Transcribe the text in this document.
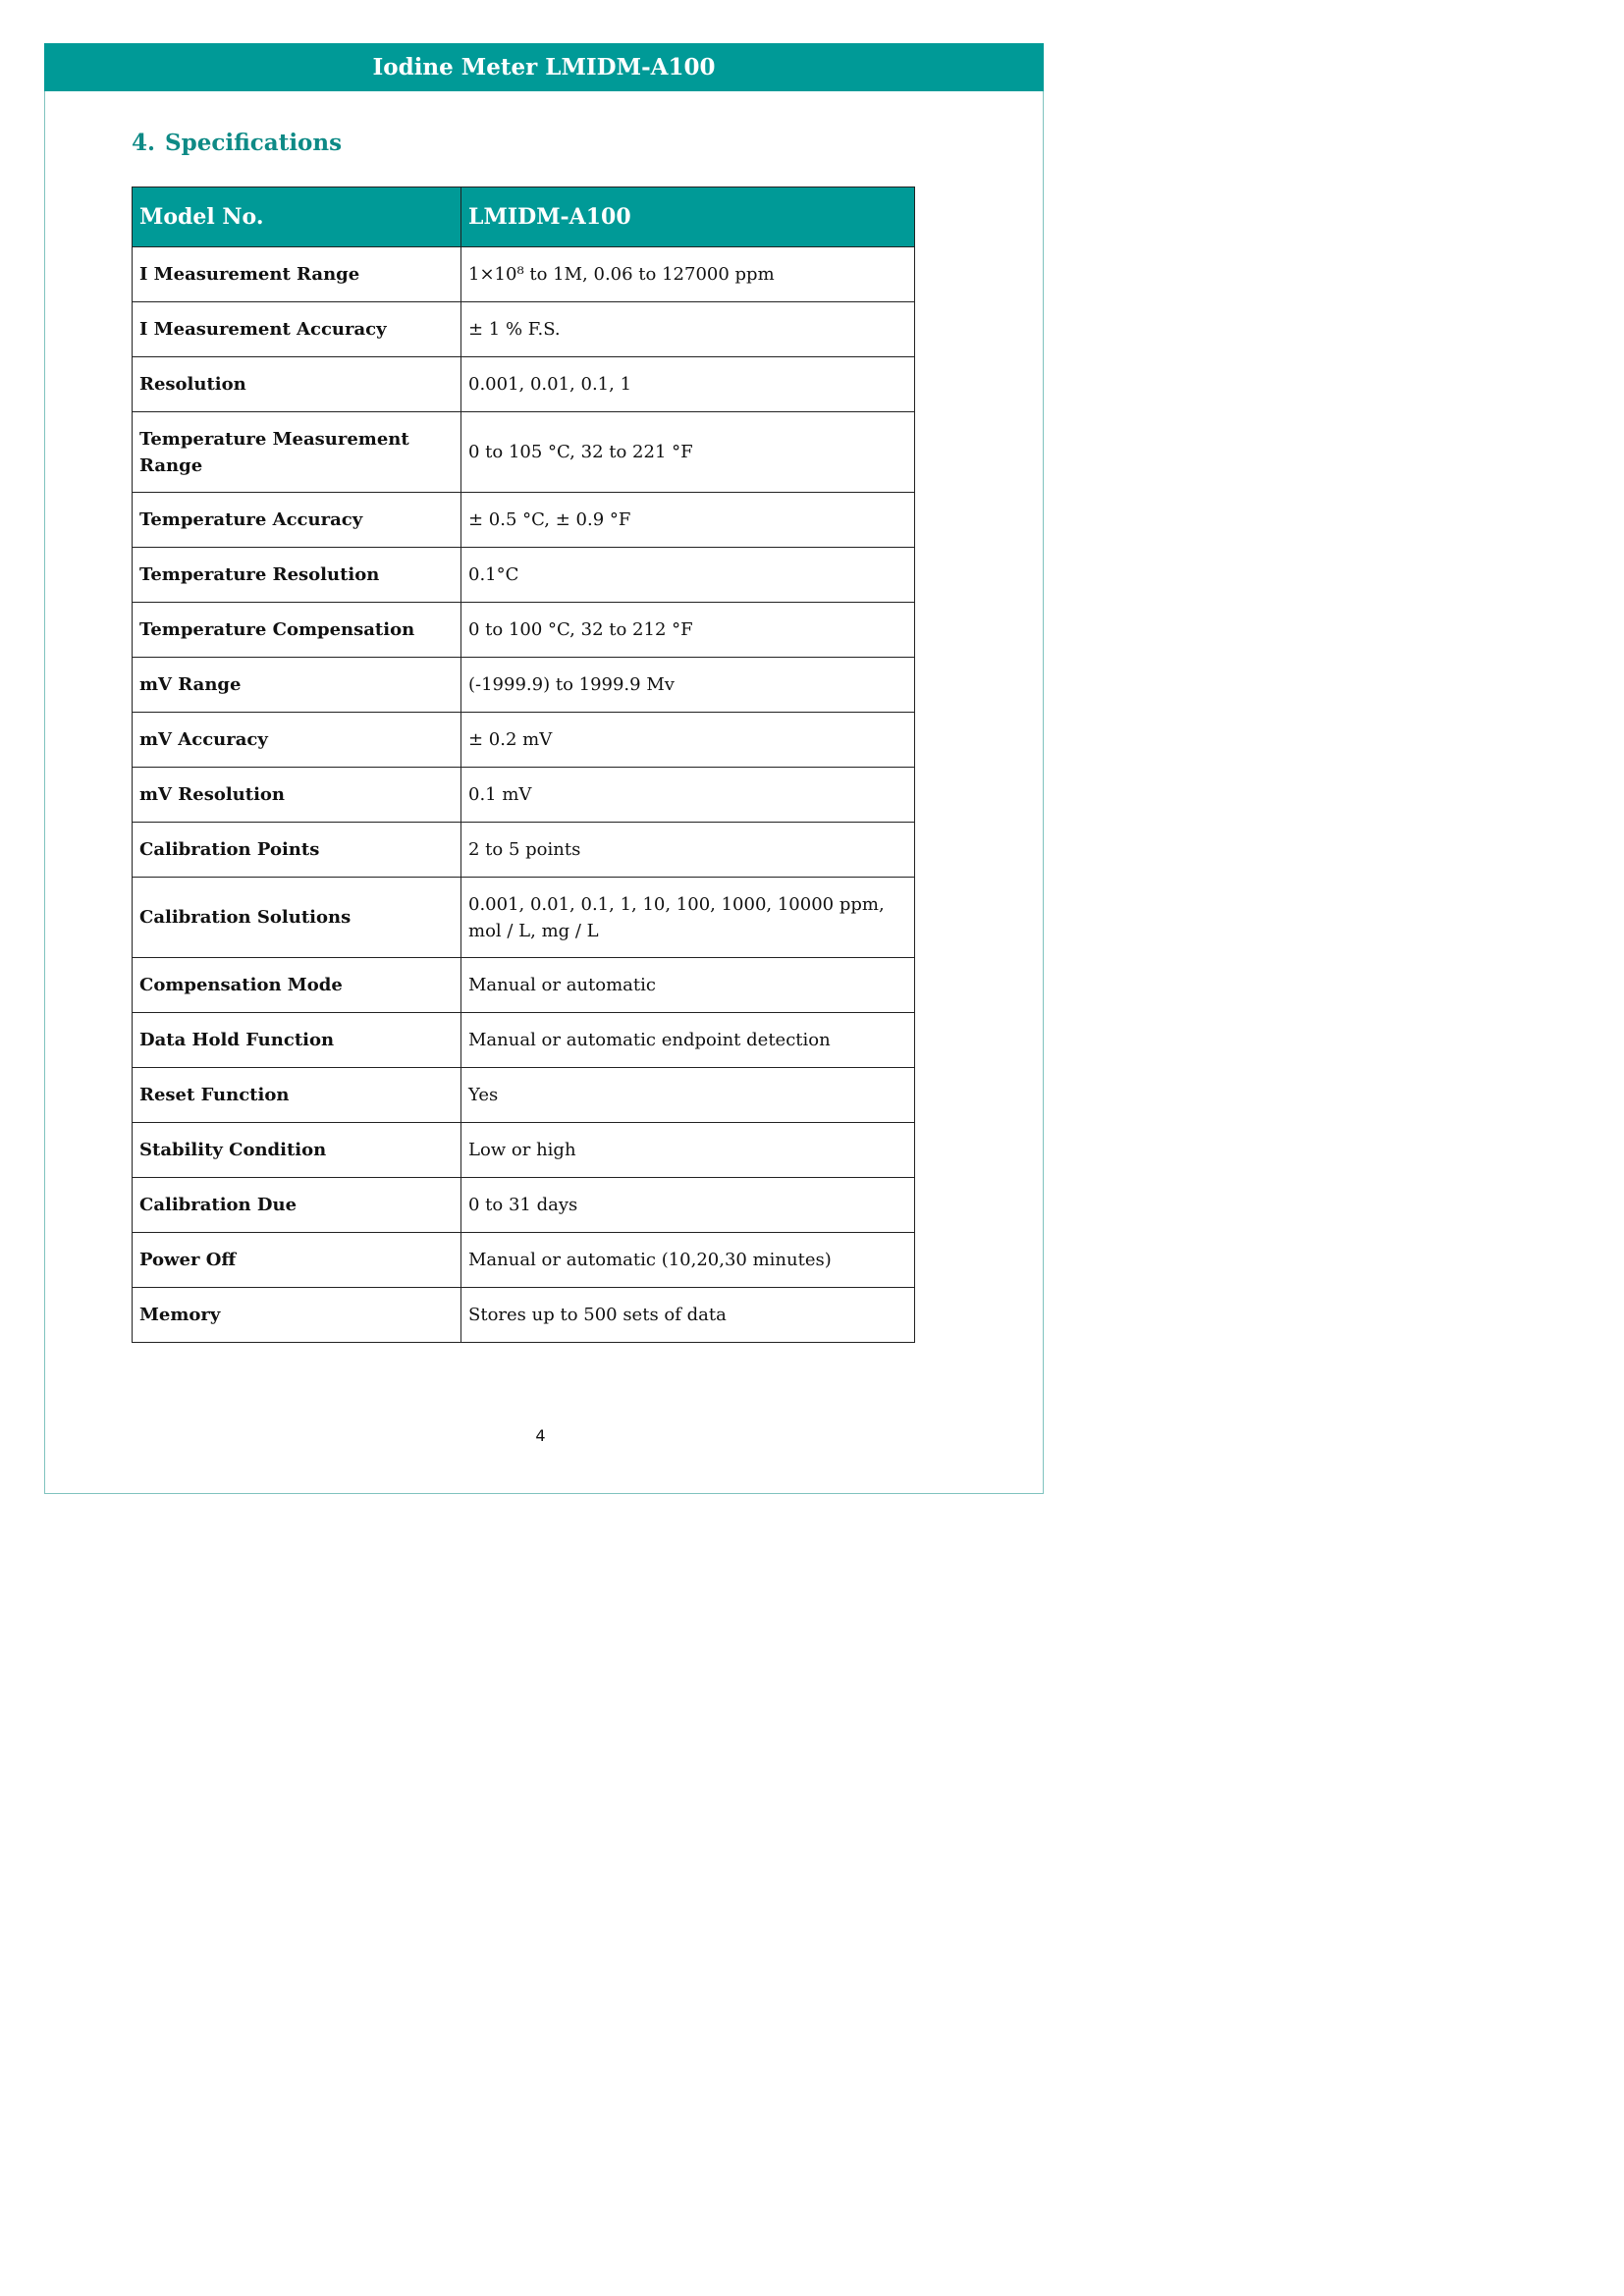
Iodine Meter LMIDM-A100
4. Specifications
Model No.	LMIDM-A100
I Measurement Range	1×10⁸ to 1M, 0.06 to 127000 ppm
I Measurement Accuracy	± 1 % F.S.
Resolution	0.001, 0.01, 0.1, 1
Temperature Measurement Range	0 to 105 °C, 32 to 221 °F
Temperature Accuracy	± 0.5 °C, ± 0.9 °F
Temperature Resolution	0.1°C
Temperature Compensation	0 to 100 °C, 32 to 212 °F
mV Range	(-1999.9) to 1999.9 Mv
mV Accuracy	± 0.2 mV
mV Resolution	0.1 mV
Calibration Points	2 to 5 points
Calibration Solutions	0.001, 0.01, 0.1, 1, 10, 100, 1000, 10000 ppm, mol / L, mg / L
Compensation Mode	Manual or automatic
Data Hold Function	Manual or automatic endpoint detection
Reset Function	Yes
Stability Condition	Low or high
Calibration Due	0 to 31 days
Power Off	Manual or automatic (10,20,30 minutes)
Memory	Stores up to 500 sets of data
4
